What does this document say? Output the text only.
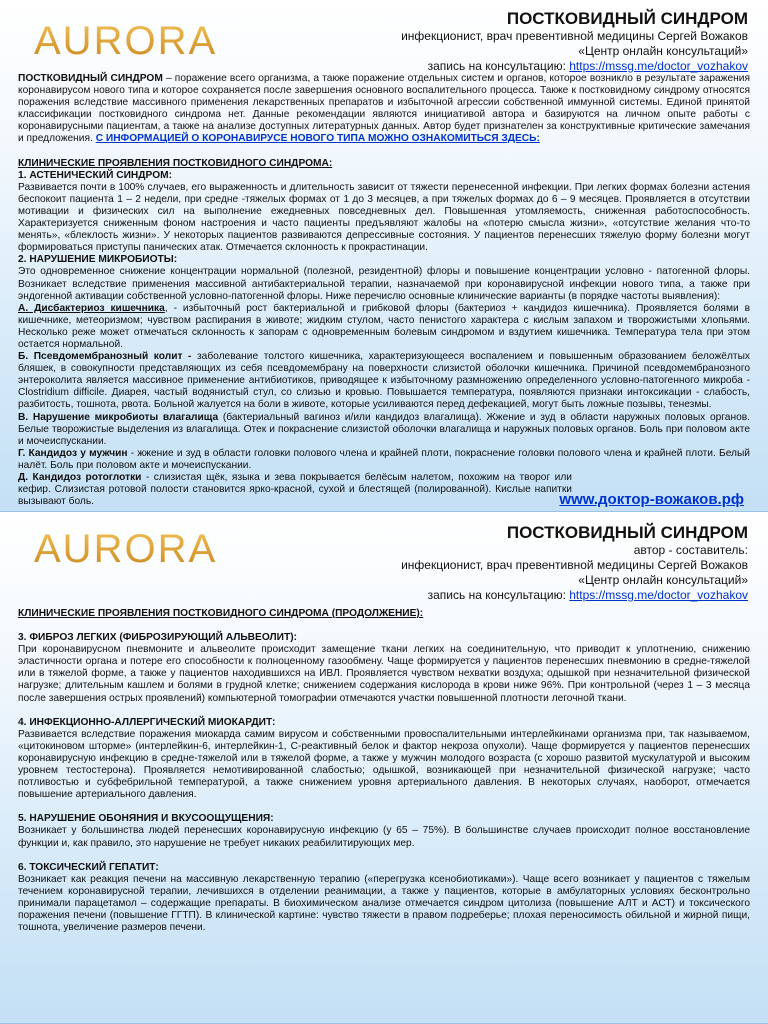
AURORA
ПОСТКОВИДНЫЙ СИНДРОМ
инфекционист, врач превентивной медицины Сергей Вожаков
«Центр онлайн консультаций»
запись на консультацию: https://mssg.me/doctor_vozhakov

ПОСТКОВИДНЫЙ СИНДРОМ – поражение всего организма, а также поражение отдельных систем и органов, которое возникло в результате заражения коронавирусом нового типа и которое сохраняется после завершения основного воспалительного процесса. Также к постковидному синдрому относятся поражения вследствие массивного применения лекарственных препаратов и избыточной агрессии собственной иммунной системы. Единой принятой классификации постковидного синдрома нет. Данные рекомендации являются инициативой автора и базируются на личном опыте работы с коронавирусными пациентам, а также на анализе доступных литературных данных. Автор будет признателен за конструктивные критические замечания и предложения. С ИНФОРМАЦИЕЙ О КОРОНАВИРУСЕ НОВОГО ТИПА МОЖНО ОЗНАКОМИТЬСЯ ЗДЕСЬ:

КЛИНИЧЕСКИЕ ПРОЯВЛЕНИЯ ПОСТКОВИДНОГО СИНДРОМА:

1. АСТЕНИЧЕСКИЙ СИНДРОМ:

Развивается почти в 100% случаев, его выраженность и длительность зависит от тяжести перенесенной инфекции. При легких формах болезни астения беспокоит пациента 1 – 2 недели, при средне -тяжелых формах от 1 до 3 месяцев, а при тяжелых формах до 6 – 9 месяцев. Проявляется в отсутствии мотивации и физических сил на выполнение ежедневных повседневных дел. Повышенная утомляемость, сниженная работоспособность. Характеризуется сниженным фоном настроения и часто пациенты предъявляют жалобы на «потерю смысла жизни», «отсутствие желания что-то менять», «блеклость жизни». У некоторых пациентов развиваются депрессивные состояния. У пациентов перенесших тяжелую форму болезни могут формироваться приступы панических атак. Отмечается склонность к прокрастинации.

2. НАРУШЕНИЕ МИКРОБИОТЫ:

Это одновременное снижение концентрации нормальной (полезной, резидентной) флоры и повышение концентрации условно - патогенной флоры. Возникает вследствие применения массивной антибактериальной терапии, назначаемой при коронавирусной инфекции нового типа, а также при эндогенной активации собственной условно-патогенной флоры. Ниже перечислю основные клинические варианты (в порядке частоты выявления):

А. Дисбактериоз кишечника, - избыточный рост бактериальной и грибковой флоры (бактериоз + кандидоз кишечника). Проявляется болями в кишечнике, метеоризмом; чувством распирания в животе; жидким стулом, часто пенистого характера с кислым запахом и творожистыми хлопьями. Несколько реже может отмечаться склонность к запорам с одновременным болевым синдромом и вздутием кишечника. Температура тела при этом остается нормальной.

Б. Псевдомембранозный колит - заболевание толстого кишечника, характеризующееся воспалением и повышенным образованием беложёлтых бляшек, в совокупности представляющих из себя псевдомембрану на поверхности слизистой оболочки кишечника. Причиной псевдомембранозного энтероколита является массивное применение антибиотиков, приводящее к избыточному размножению определенного условно-патогенного микроба - Clostridium difficile. Диарея, частый водянистый стул, со слизью и кровью. Повышается температура, появляются признаки интоксикации - слабость, разбитость, тошнота, рвота. Больной жалуется на боли в животе, которые усиливаются перед дефекацией, могут быть ложные позывы, тенезмы.

В. Нарушение микробиоты влагалища (бактериальный вагиноз и/или кандидоз влагалища). Жжение и зуд в области наружных половых органов. Белые творожистые выделения из влагалища. Отек и покраснение слизистой оболочки влагалища и наружных половых органов. Боль при половом акте и мочеиспускании.

Г. Кандидоз у мужчин - жжение и зуд в области головки полового члена и крайней плоти, покраснение головки полового члена и крайней плоти. Белый налёт. Боль при половом акте и мочеиспускании.

Д. Кандидоз ротоглотки - слизистая щёк, языка и зева покрывается белёсым налетом, похожим на творог или кефир. Слизистая ротовой полости становится ярко-красной, сухой и блестящей (полированной). Кислые напитки вызывают боль.	www.доктор-вожаков.рф
AURORA	ПОСТКОВИДНЫЙ СИНДРОМ
автор - составитель:
инфекционист, врач превентивной медицины Сергей Вожаков
«Центр онлайн консультаций»
запись на консультацию: https://mssg.me/doctor_vozhakov

КЛИНИЧЕСКИЕ ПРОЯВЛЕНИЯ ПОСТКОВИДНОГО СИНДРОМА (ПРОДОЛЖЕНИЕ):

3. ФИБРОЗ ЛЕГКИХ (ФИБРОЗИРУЮЩИЙ АЛЬВЕОЛИТ):

При коронавирусном пневмоните и альвеолите происходит замещение ткани легких на соединительную, что приводит к уплотнению, снижению эластичности органа и потере его способности к полноценному газообмену. Чаще формируется у пациентов перенесших пневмонию в средне-тяжелой или в тяжелой форме, а также у пациентов находившихся на ИВЛ. Проявляется чувством нехватки воздуха; одышкой при незначительной физической нагрузке; длительным кашлем и болями в грудной клетке; снижением содержания кислорода в крови ниже 96%. При контрольной (через 1 – 3 месяца после завершения острых проявлений) компьютерной томографии отмечаются участки повышенной плотности легочной ткани.

4. ИНФЕКЦИОННО-АЛЛЕРГИЧЕСКИЙ МИОКАРДИТ:

Развивается вследствие поражения миокарда самим вирусом и собственными провоспалительными интерлейкинами организма при, так называемом, «цитокиновом шторме» (интерлейкин-6, интерлейкин-1, С-реактивный белок и фактор некроза опухоли). Чаще формируется у пациентов перенесших коронавирусную инфекцию в средне-тяжелой или в тяжелой форме, а также у мужчин молодого возраста (с хорошо развитой мускулатурой и высоким уровнем тестостерона). Проявляется немотивированной слабостью; одышкой, возникающей при незначительной физической нагрузке; часто потливостью и субфебрильной температурой, а также снижением уровня артериального давления. В некоторых случаях, наоборот, отмечается повышение артериального давления.

5. НАРУШЕНИЕ ОБОНЯНИЯ И ВКУСООЩУЩЕНИЯ:

Возникает у большинства людей перенесших коронавирусную инфекцию (у 65 – 75%). В большинстве случаев происходит полное восстановление функции и, как правило, это нарушение не требует никаких реабилитирующих мер.

6. ТОКСИЧЕСКИЙ ГЕПАТИТ:

Возникает как реакция печени на массивную лекарственную терапию («перегрузка ксенобиотиками»). Чаще всего возникает у пациентов с тяжелым течением коронавирусной терапии, лечившихся в отделении реанимации, а также у пациентов, которые в амбулаторных условиях бесконтрольно принимали парацетамол – содержащие препараты. В биохимическом анализе отмечается синдром цитолиза (повышение АЛТ и АСТ) и токсического поражения печени (повышение ГГТП). В клинической картине: чувство тяжести в правом подреберье; плохая переносимость обильной и жирной пищи, тошнота, увеличение размеров печени.
